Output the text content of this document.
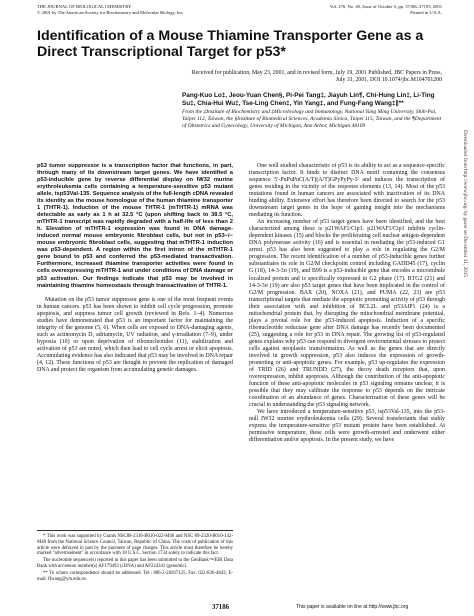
THE JOURNAL OF BIOLOGICAL CHEMISTRY
© 2001 by The American Society for Biochemistry and Molecular Biology, Inc.
Vol. 276, No. 40, Issue of October 5, pp. 37186–37193, 2001
Printed in U.S.A.
Identification of a Mouse Thiamine Transporter Gene as a Direct Transcriptional Target for p53*
Received for publication, May 23, 2001, and in revised form, July 19, 2001 Published, JBC Papers in Press, July 31, 2001, DOI 10.1074/jbc.M104701200
Pang-Kuo Lo‡, Jeou-Yuan Chen§, Pi-Pei Tang‡, Jiayuh Lin¶, Chi-Hung Lin‡, Li-Ting Su‡, Chia-Hui Wu‡, Tse-Ling Chen‡, Yin Yang‡, and Fung-Fang Wang‡∥**
From the ‡Institute of Biochemistry and ‡Microbiology and Immunology, National Yang Ming University, Shih-Pai, Taipei 112, Taiwan, the §Institute of Biomedical Sciences, Academia Sinica, Taipei 115, Taiwan, and the ¶Department of Obstetrics and Gynecology, University of Michigan, Ann Arbor, Michigan 48109

p53 tumor suppressor is a transcription factor that functions, in part, through many of its downstream target genes. We have identified a p53-inducible gene by reverse differential display on IW32 murine erythroleukemia cells containing a temperature-sensitive p53 mutant allele, tsp53Val-135. Sequence analysis of the full-length cDNA revealed its identity as the mouse homologue of the human thiamine transporter 1 (THTR-1). Induction of the mouse THTR-1 (mTHTR-1) mRNA was detectable as early as 1 h at 32.5 °C (upon shifting back to 38.5 °C, mTHTR-1 transcript was rapidly degraded with a half-life of less than 2 h. Elevation of mTHTR-1 expression was found in DNA damage-induced normal mouse embryonic fibroblast cells, but not in p53−/− mouse embryonic fibroblast cells, suggesting that mTHTR-1 induction was p53-dependent. A region within the first intron of the mTHTR-1 gene bound to p53 and conferred the p53-mediated transactivation. Furthermore, increased thiamine transporter activities were found in cells overexpressing mTHTR-1 and under conditions of DNA damage or p53 activation. Our findings indicate that p53 may be involved in maintaining thiamine homeostasis through transactivation of THTR-1.

Mutation on the p53 tumor suppressor gene is one of the most frequent events in human cancers. p53 has been shown to inhibit cell cycle progression, promote apoptosis, and suppress tumor cell growth (reviewed in Refs. 1–4). Numerous studies have demonstrated that p53 is an important factor for maintaining the integrity of the genome (5, 6). When cells are exposed to DNA-damaging agents, such as actinomycin D, adriamycin, UV radiation, and γ-irradiation (7–9), under hypoxia (10) or upon deprivation of ribonucleotides (11), stabilization and activation of p53 are noted, which then lead to cell cycle arrest or elicit apoptosis. Accumulating evidence has also indicated that p53 may be involved in DNA repair (4, 12). These functions of p53 are thought to prevent the replication of damaged DNA and protect the organism from accumulating genetic damages.

One well studied characteristic of p53 is its ability to act as a sequence-specific transcription factor. It binds to distinct DNA motif containing the consensus sequence 5′-PuPuPuC(A/T)(A/T)GPyPyPy-3′ and induces the transcription of genes residing in the vicinity of the response elements (13, 14). Most of the p53 mutations found in human cancers are associated with inactivation of its DNA binding ability. Extensive effort has therefore been directed to search for the p53 downstream target genes in the hope of gaining insight into the mechanisms mediating its function.

An increasing number of p53 target genes have been identified, and the best characterized among these is p21WAF1/Cip1. p21WAF1/Cip1 inhibits cyclin-dependent kinases (15) and blocks the proliferating cell nuclear antigen-dependent DNA polymerase activity (16) and is essential in mediating the p53-induced G1 arrest. p53 has also been suggested to play a role in regulating the G2/M progression. The recent identification of a number of p53-inducible genes further substantiates its role in G2/M checkpoint control including GADD45 (17), cyclin G (18), 14-3-3σ (19), and B99 is a p53-inducible gene that encodes a microtubule localized protein and is specifically expressed in G2 phase (17). BTG2 (21) and 14-3-3σ (19) are also p53 target genes that have been implicated in the control of G2/M progression. BAX (20), NOXA (21), and PUMA (22, 23) are p53 transcriptional targets that mediate the apoptotic promoting activity of p53 through their association with and inhibition of BCL2L and p53AIP1 (24) is a mitochondrial protein that, by disrupting the mitochondrial membrane potential, plays a pivotal role for the p53-induced apoptosis. Induction of a specific ribonucleotide reductase gene after DNA damage has recently been documented (25), suggesting a role for p53 in DNA repair. The growing list of p53-regulated genes explains why p53 can respond to divergent environmental stresses to protect cells against neoplastic transformation. As well as the genes that are directly involved in growth suppression, p53 also induces the expression of growth-promoting or anti-apoptotic genes. For example, p53 up-regulates the expression of TRID (26) and TRUNDD (27), the decoy death receptors that, upon overexpression, inhibit apoptosis. Although the contribution of the anti-apoptotic function of these anti-apoptotic molecules in p53 signaling remains unclear, it is possible that they may calibrate the response to p53 depends on the intricate coordination of an abundance of genes. Characterization of these genes will be crucial in understanding the p53 signaling network.

We have introduced a temperature-sensitive p53, tsp53Val-135, into the p53-null IW32 murine erythroleukemia cells (29). Several transfectants that stably express the temperature-sensitive p53 mutant protein have been established. At permissive temperature, these cells were growth-arrested and underwent either differentiation and/or apoptosis. In the present study, we have

* This work was supported by Grants NSC88-2316-B010-022-M46 and NSC 89-2320-B010-142-M46 from the National Science Council, Taiwan, Republic of China. The costs of publication of this article were defrayed in part by the payment of page charges. This article must therefore be hereby marked "advertisement" in accordance with 18 U.S.C. Section 1734 solely to indicate this fact.

The nucleotide sequence(s) reported in this paper has been submitted to the GenBank™/EBI Data Bank with accession number(s) AF179493 (cDNA) and AF224341 (genomic).

** To whom correspondence should be addressed. Tel.: 886-2-28267125; Fax: 022-826-4843; E-mail: ffwang@ym.edu.tw.

Downloaded from http://www.jbc.org/ by guest on December 31, 2015
37186	This paper is available on line at http://www.jbc.org
